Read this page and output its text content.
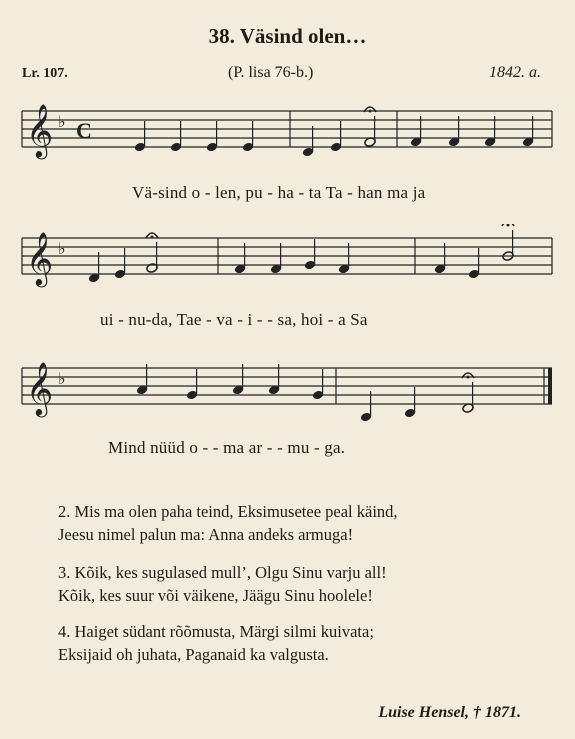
38. Väsind olen…
Lr. 107.	(P. lisa 76-b.)	1842. a.
𝄞 ♭ C
Vä-sind o - len, pu - ha - ta Ta - han ma ja
𝄞 ♭
ui - nu-da, Tae - va - i - - sa, hoi - a Sa
𝄞 ♭
Mind nüüd o - - ma ar - - mu - ga.
2. Mis ma olen paha teind, Eksimusetee peal käind,
Jeesu nimel palun ma: Anna andeks armuga!
3. Kõik, kes sugulased mull’, Olgu Sinu varju all!
Kõik, kes suur või väikene, Jäägu Sinu hoolele!
4. Haiget südant rõõmusta, Märgi silmi kuivata;
Eksijaid oh juhata, Paganaid ka valgusta.
Luise Hensel, † 1871.
